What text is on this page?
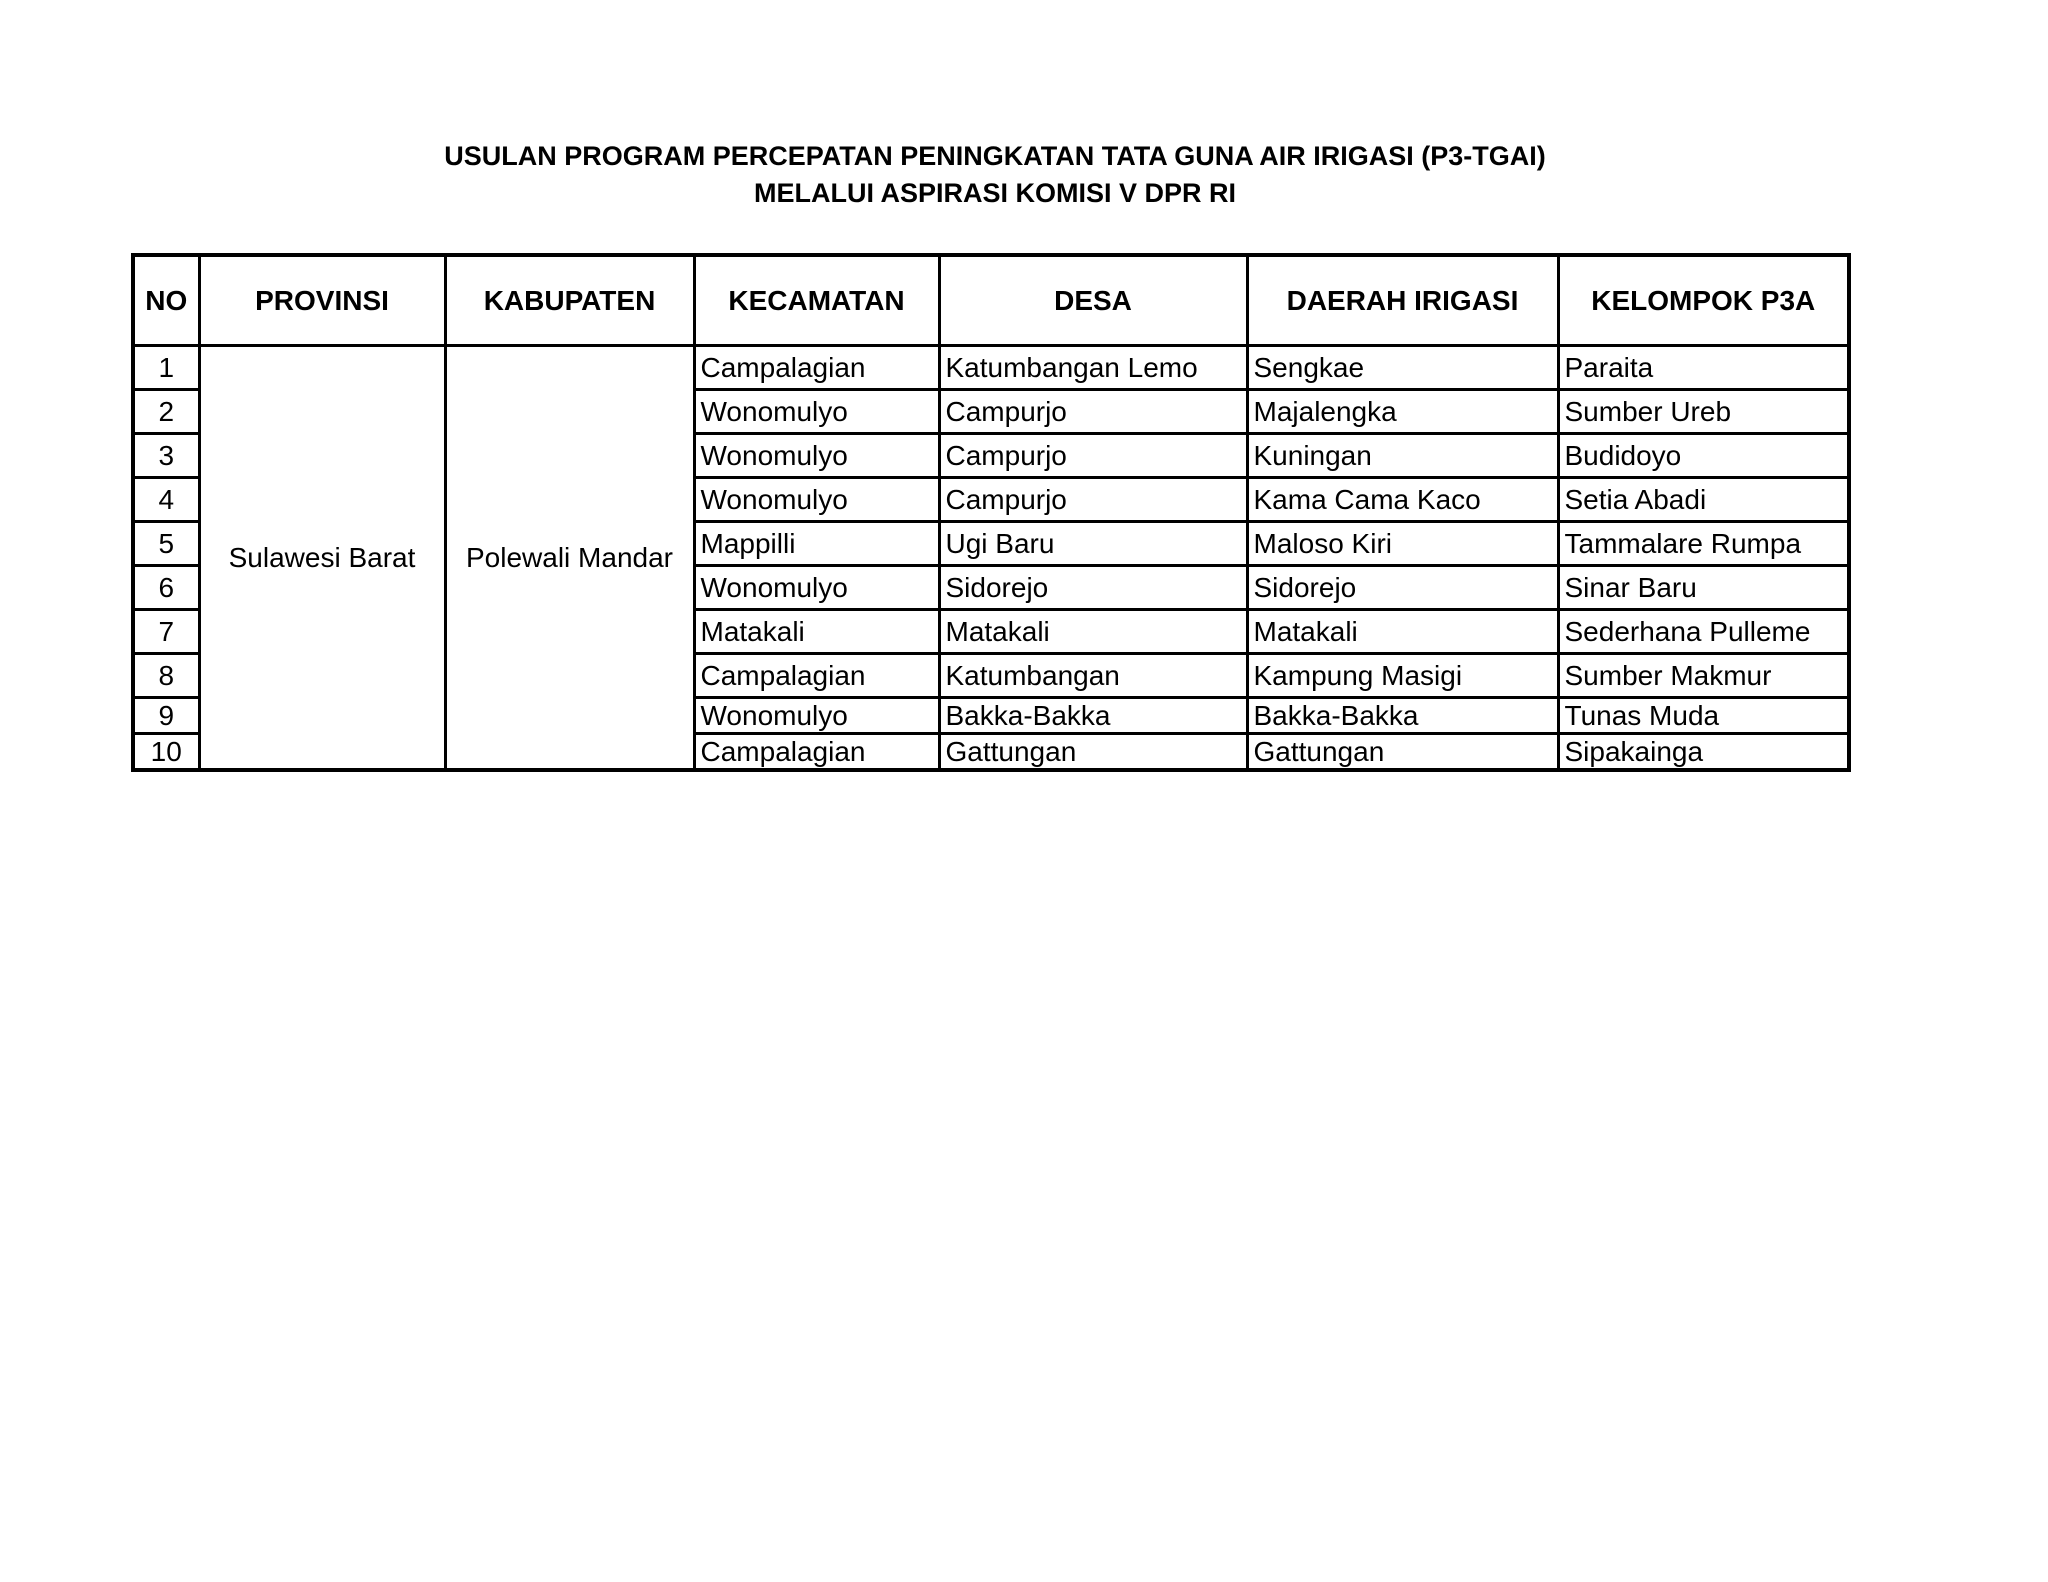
USULAN PROGRAM PERCEPATAN PENINGKATAN TATA GUNA AIR IRIGASI (P3-TGAI)
MELALUI ASPIRASI KOMISI V DPR RI
NO	PROVINSI	KABUPATEN	KECAMATAN	DESA	DAERAH IRIGASI	KELOMPOK P3A
1	Sulawesi Barat	Polewali Mandar	Campalagian	Katumbangan Lemo	Sengkae	Paraita
2			Wonomulyo	Campurjo	Majalengka	Sumber Ureb
3			Wonomulyo	Campurjo	Kuningan	Budidoyo
4			Wonomulyo	Campurjo	Kama Cama Kaco	Setia Abadi
5			Mappilli	Ugi Baru	Maloso Kiri	Tammalare Rumpa
6			Wonomulyo	Sidorejo	Sidorejo	Sinar Baru
7			Matakali	Matakali	Matakali	Sederhana Pulleme
8			Campalagian	Katumbangan	Kampung Masigi	Sumber Makmur
9			Wonomulyo	Bakka-Bakka	Bakka-Bakka	Tunas Muda
10			Campalagian	Gattungan	Gattungan	Sipakainga
